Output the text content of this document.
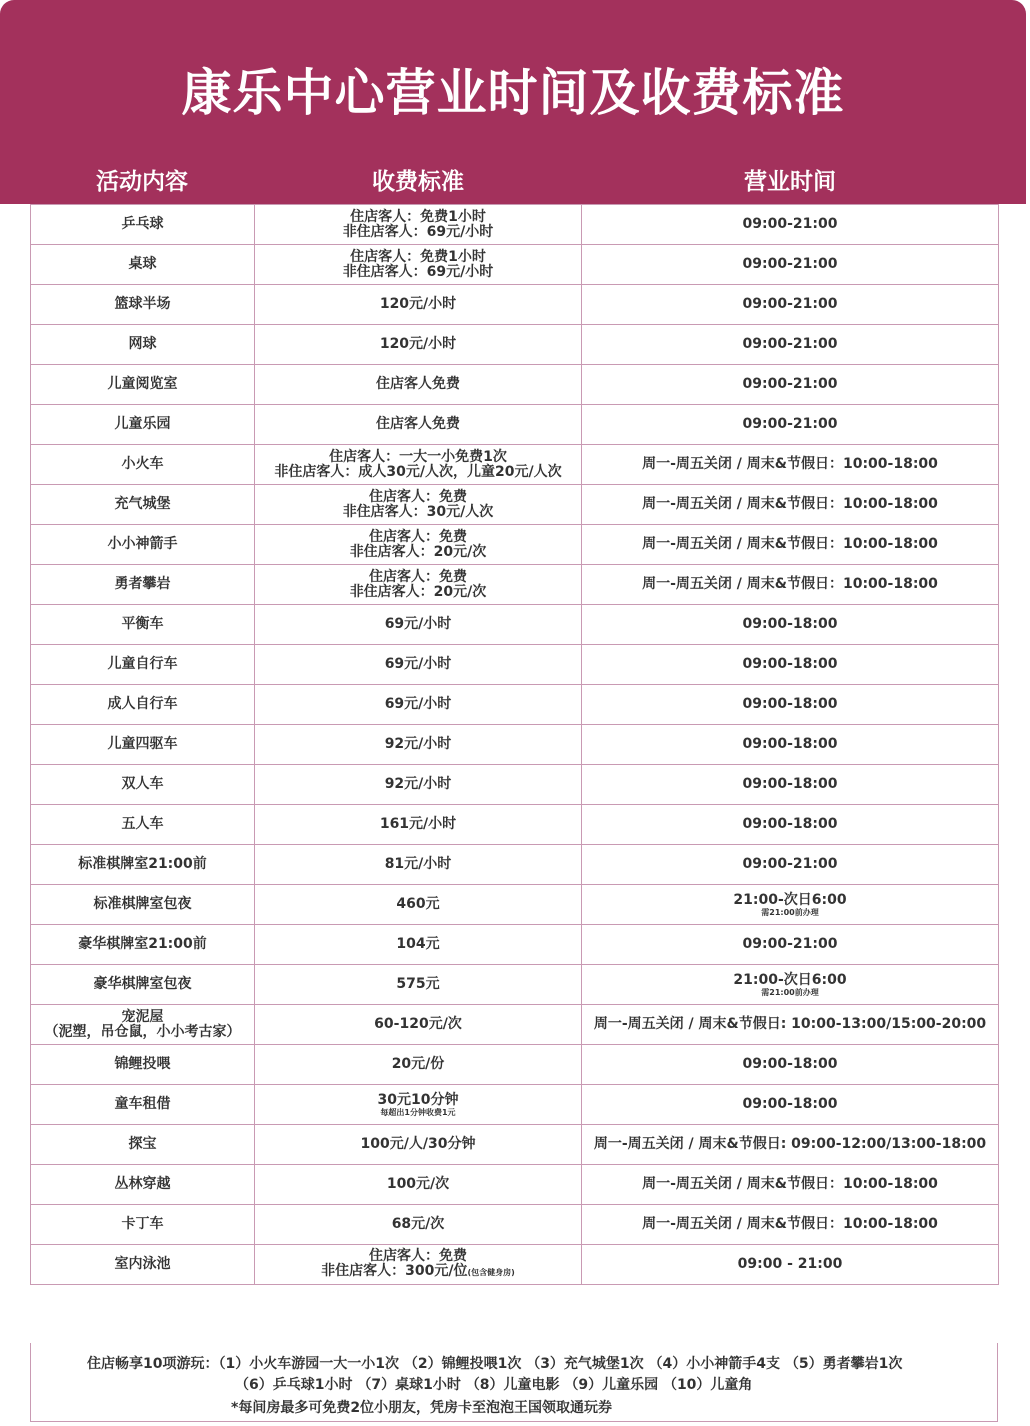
康乐中心营业时间及收费标准
活动内容	收费标准	营业时间
乒乓球	住店客人：免费1小时
非住店客人：69元/小时	09:00-21:00

桌球	住店客人：免费1小时
非住店客人：69元/小时	09:00-21:00

篮球半场	120元/小时	09:00-21:00

网球	120元/小时	09:00-21:00

儿童阅览室	住店客人免费	09:00-21:00

儿童乐园	住店客人免费	09:00-21:00

小火车	住店客人：一大一小免费1次
非住店客人：成人30元/人次，儿童20元/人次	周一-周五关闭 / 周末&节假日：10:00-18:00

充气城堡	住店客人：免费
非住店客人：30元/人次	周一-周五关闭 / 周末&节假日：10:00-18:00

小小神箭手	住店客人：免费
非住店客人：20元/次	周一-周五关闭 / 周末&节假日：10:00-18:00

勇者攀岩	住店客人：免费
非住店客人：20元/次	周一-周五关闭 / 周末&节假日：10:00-18:00

平衡车	69元/小时	09:00-18:00

儿童自行车	69元/小时	09:00-18:00

成人自行车	69元/小时	09:00-18:00

儿童四驱车	92元/小时	09:00-18:00

双人车	92元/小时	09:00-18:00

五人车	161元/小时	09:00-18:00

标准棋牌室21:00前	81元/小时	09:00-21:00

标准棋牌室包夜	460元	21:00-次日6:00
需21:00前办理

豪华棋牌室21:00前	104元	09:00-21:00

豪华棋牌室包夜	575元	21:00-次日6:00
需21:00前办理

宠泥屋
（泥塑，吊仓鼠，小小考古家）	60-120元/次	周一-周五关闭 / 周末&节假日: 10:00-13:00/15:00-20:00

锦鲤投喂	20元/份	09:00-18:00

童车租借	30元10分钟
每超出1分钟收费1元	09:00-18:00

探宝	100元/人/30分钟	周一-周五关闭 / 周末&节假日: 09:00-12:00/13:00-18:00

丛林穿越	100元/次	周一-周五关闭 / 周末&节假日：10:00-18:00

卡丁车	68元/次	周一-周五关闭 / 周末&节假日：10:00-18:00

室内泳池	住店客人：免费
非住店客人：300元/位(包含健身房)	09:00 - 21:00
住店畅享10项游玩：（1）小火车游园一大一小1次 （2）锦鲤投喂1次 （3）充气城堡1次 （4）小小神箭手4支 （5）勇者攀岩1次
（6）乒乓球1小时 （7）桌球1小时 （8）儿童电影 （9）儿童乐园 （10）儿童角
*每间房最多可免费2位小朋友，凭房卡至泡泡王国领取通玩券
